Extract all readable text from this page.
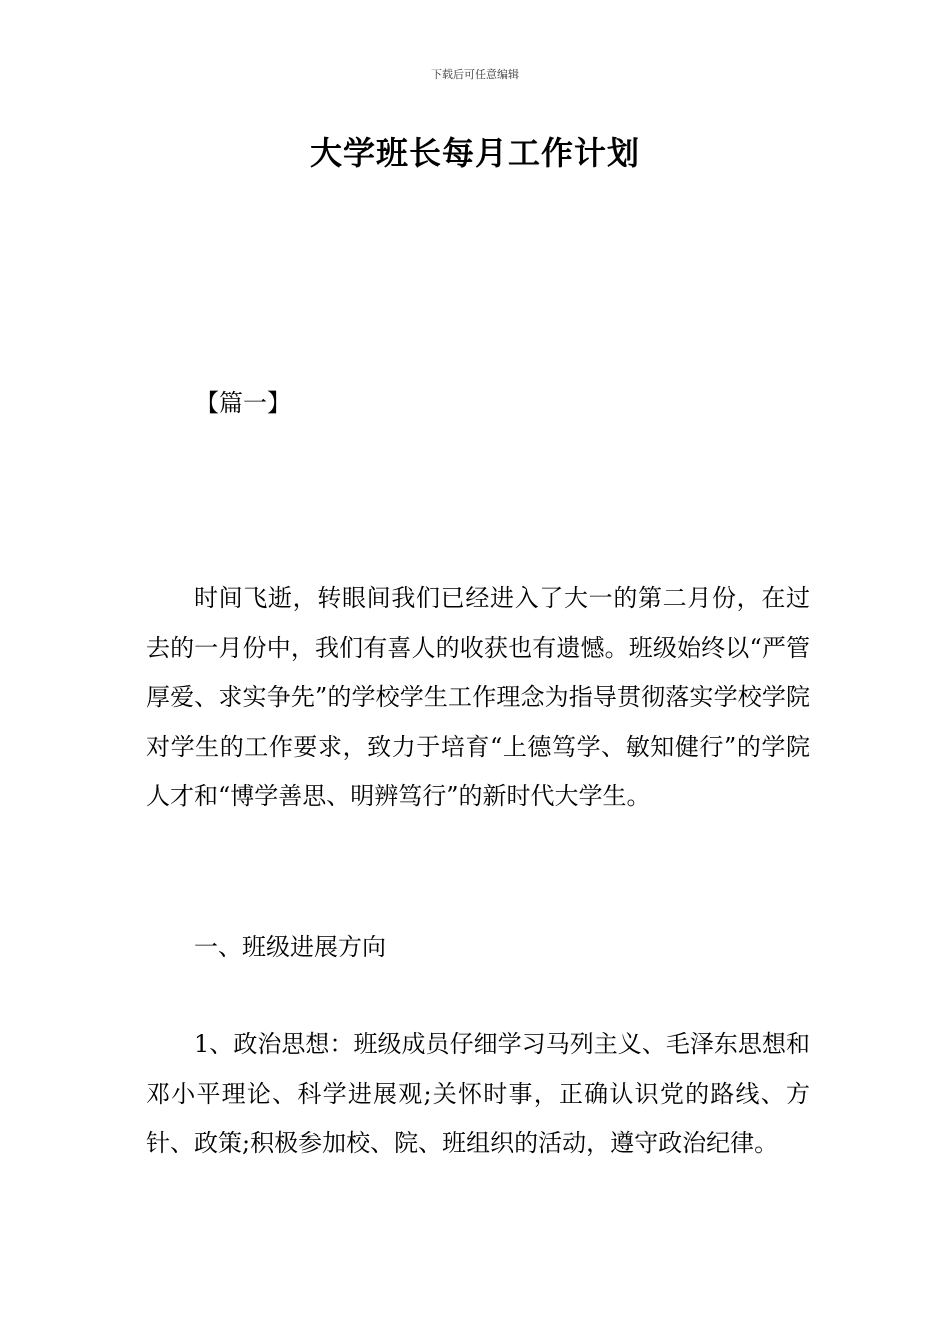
下载后可任意编辑
大学班长每月工作计划
【篇一】

时间飞逝，转眼间我们已经进入了大一的第二月份，在过去的一月份中，我们有喜人的收获也有遗憾。班级始终以“严管厚爱、求实争先”的学校学生工作理念为指导贯彻落实学校学院对学生的工作要求，致力于培育“上德笃学、敏知健行”的学院人才和“博学善思、明辨笃行”的新时代大学生。

一、班级进展方向

1、政治思想：班级成员仔细学习马列主义、毛泽东思想和邓小平理论、科学进展观;关怀时事，正确认识党的路线、方针、政策;积极参加校、院、班组织的活动，遵守政治纪律。
